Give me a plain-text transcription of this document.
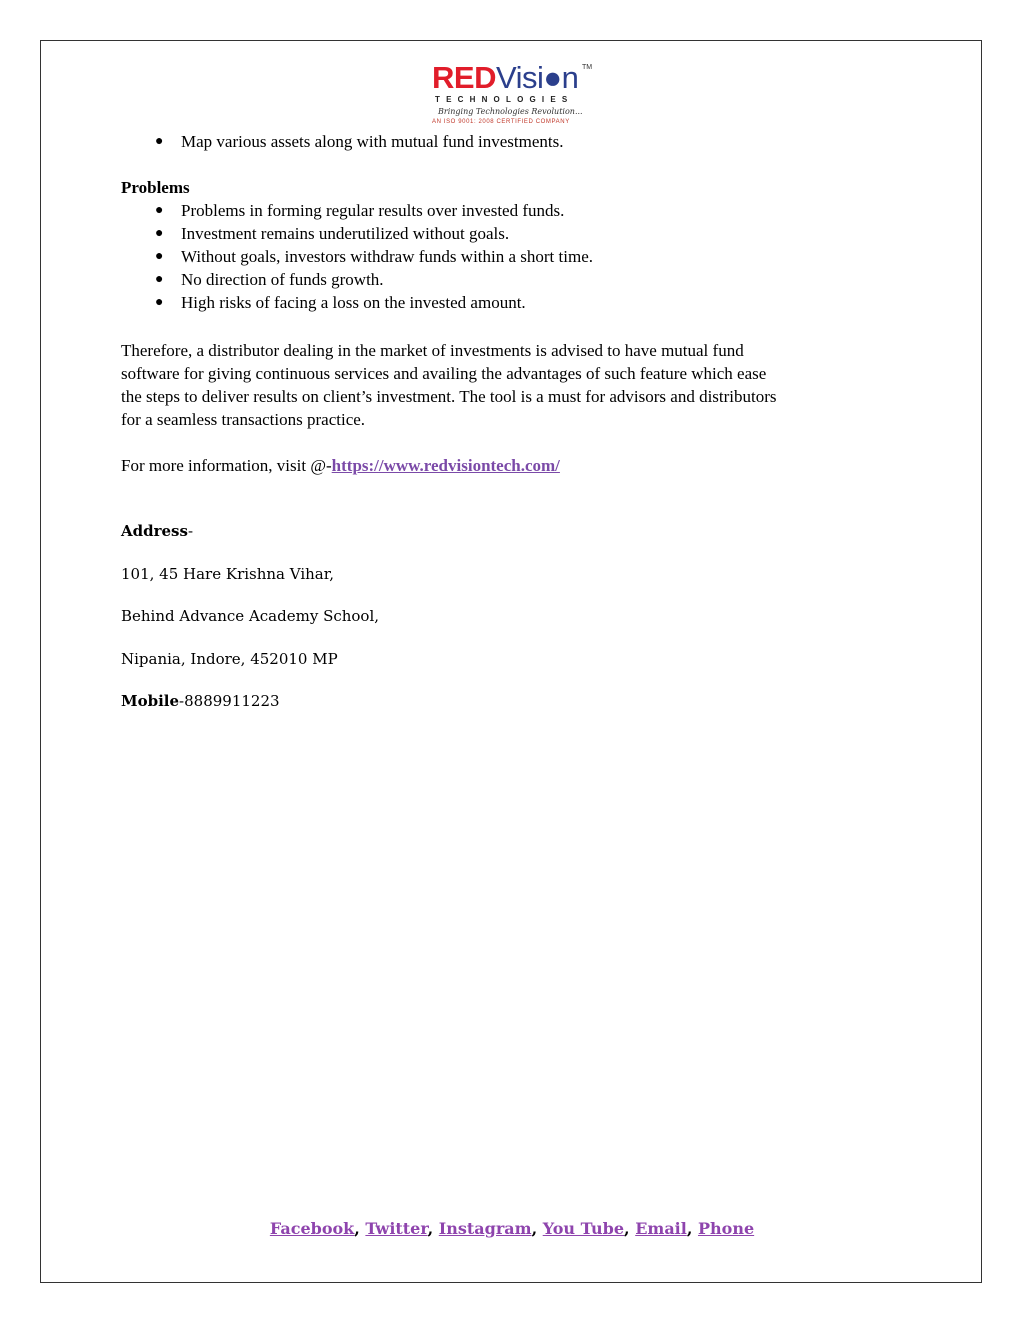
REDVisi●n TM
TECHNOLOGIES
Bringing Technologies Revolution...
AN ISO 9001: 2008 CERTIFIED COMPANY
● Map various assets along with mutual fund investments.
Problems
● Problems in forming regular results over invested funds.
● Investment remains underutilized without goals.
● Without goals, investors withdraw funds within a short time.
● No direction of funds growth.
● High risks of facing a loss on the invested amount.
Therefore, a distributor dealing in the market of investments is advised to have mutual fund
software for giving continuous services and availing the advantages of such feature which ease
the steps to deliver results on client’s investment. The tool is a must for advisors and distributors
for a seamless transactions practice.
For more information, visit @-https://www.redvisiontech.com/
Address-
101, 45 Hare Krishna Vihar,
Behind Advance Academy School,
Nipania, Indore, 452010 MP
Mobile-8889911223
Facebook, Twitter, Instagram, You Tube, Email, Phone
